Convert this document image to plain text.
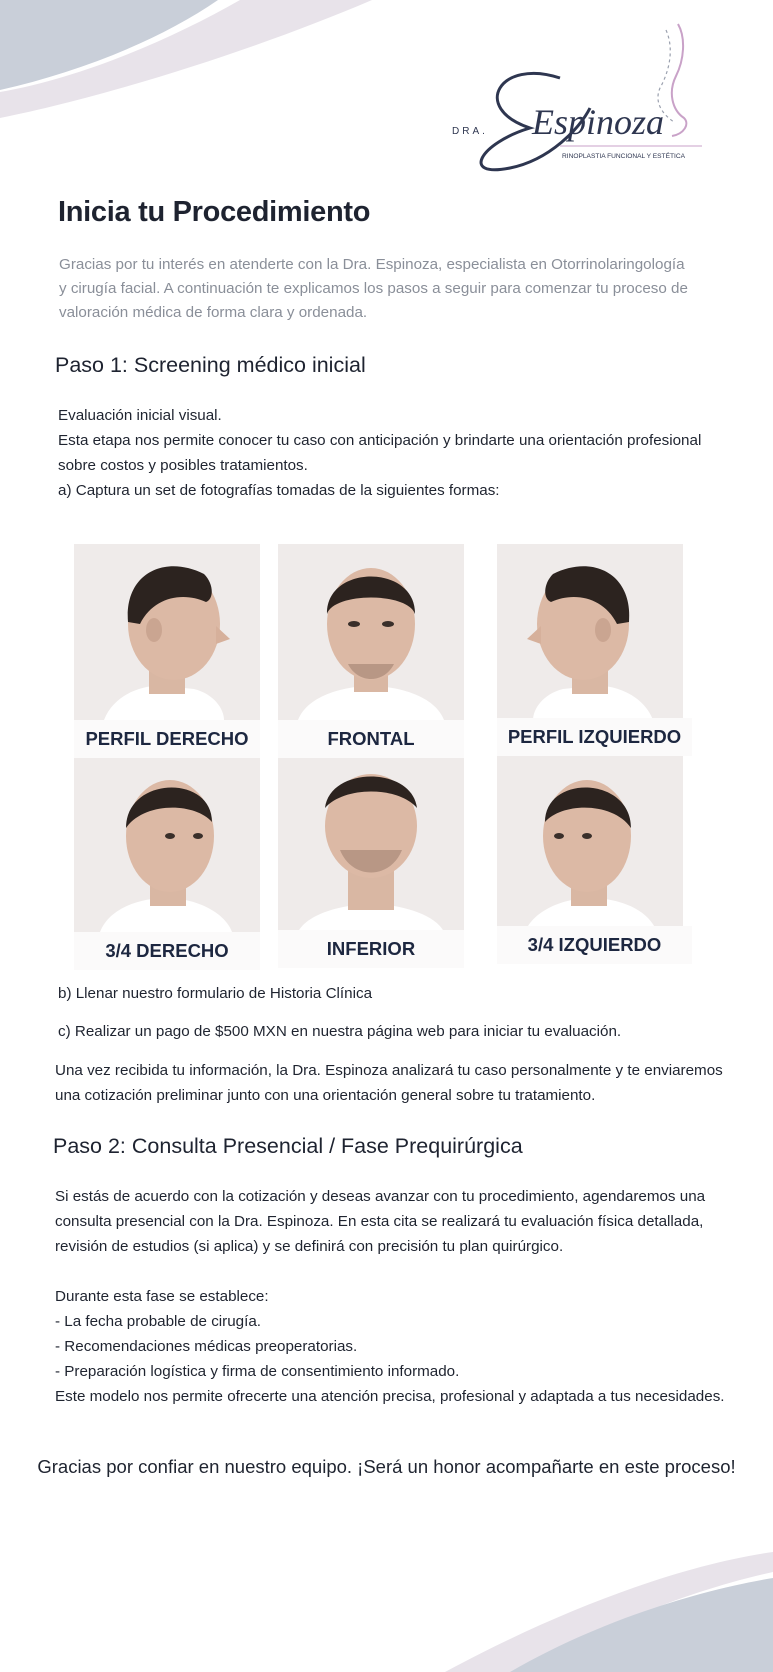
DRA. Espinoza
RINOPLASTIA FUNCIONAL Y ESTÉTICA
Inicia tu Procedimiento
Gracias por tu interés en atenderte con la Dra. Espinoza, especialista en Otorrinolaringología
y cirugía facial. A continuación te explicamos los pasos a seguir para comenzar tu proceso de
valoración médica de forma clara y ordenada.
Paso 1: Screening médico inicial
Evaluación inicial visual.
Esta etapa nos permite conocer tu caso con anticipación y brindarte una orientación profesional
sobre costos y posibles tratamientos.
a) Captura un set de fotografías tomadas de la siguientes formas:
PERFIL DERECHO	FRONTAL	PERFIL IZQUIERDO
3/4 DERECHO	INFERIOR	3/4 IZQUIERDO
b) Llenar nuestro formulario de Historia Clínica
c) Realizar un pago de $500 MXN en nuestra página web para iniciar tu evaluación.
Una vez recibida tu información, la Dra. Espinoza analizará tu caso personalmente y te enviaremos
una cotización preliminar junto con una orientación general sobre tu tratamiento.
Paso 2: Consulta Presencial / Fase Prequirúrgica
Si estás de acuerdo con la cotización y deseas avanzar con tu procedimiento, agendaremos una
consulta presencial con la Dra. Espinoza. En esta cita se realizará tu evaluación física detallada,
revisión de estudios (si aplica) y se definirá con precisión tu plan quirúrgico.
Durante esta fase se establece:
- La fecha probable de cirugía.
- Recomendaciones médicas preoperatorias.
- Preparación logística y firma de consentimiento informado.
Este modelo nos permite ofrecerte una atención precisa, profesional y adaptada a tus necesidades.
Gracias por confiar en nuestro equipo. ¡Será un honor acompañarte en este proceso!
